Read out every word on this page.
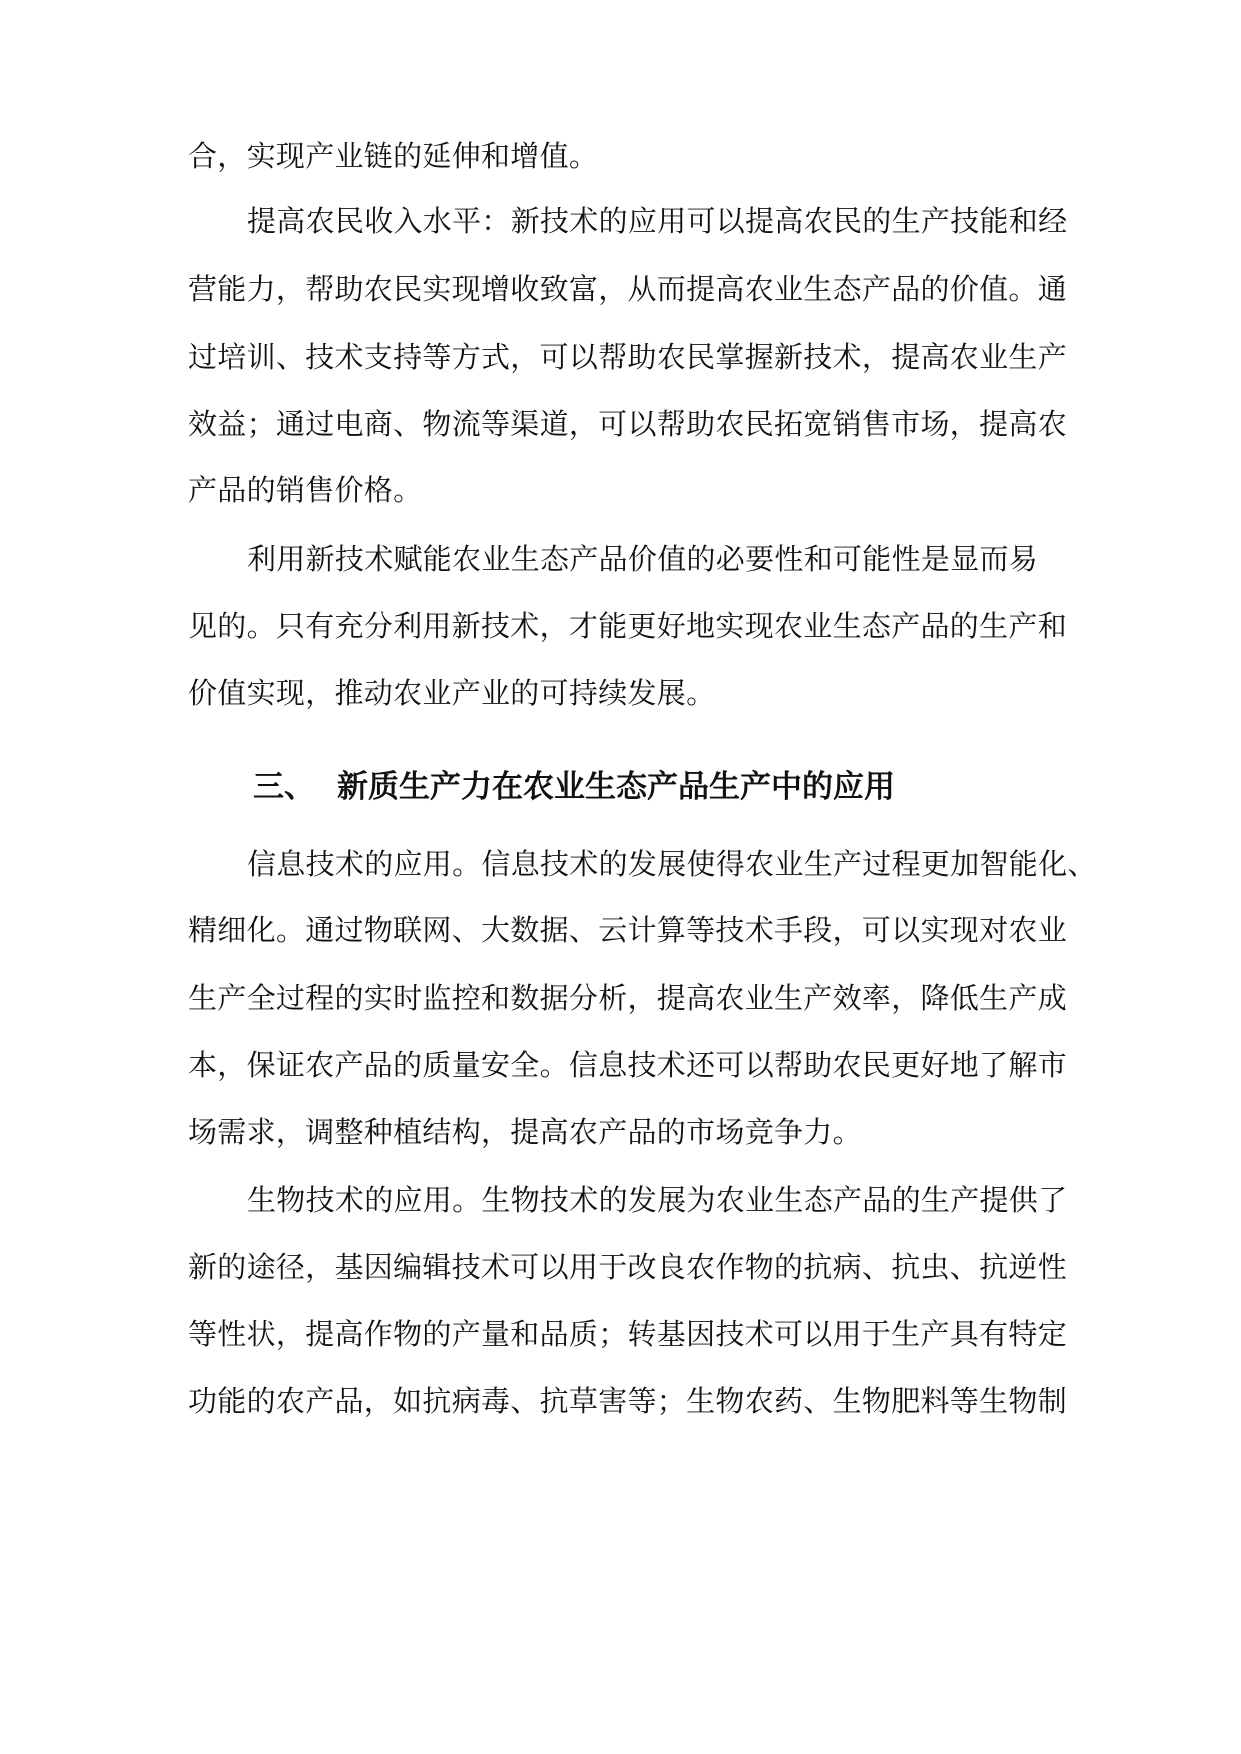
合，实现产业链的延伸和增值。
提高农民收入水平：新技术的应用可以提高农民的生产技能和经
营能力，帮助农民实现增收致富，从而提高农业生态产品的价值。通
过培训、技术支持等方式，可以帮助农民掌握新技术，提高农业生产
效益；通过电商、物流等渠道，可以帮助农民拓宽销售市场，提高农
产品的销售价格。
利用新技术赋能农业生态产品价值的必要性和可能性是显而易
见的。只有充分利用新技术，才能更好地实现农业生态产品的生产和
价值实现，推动农业产业的可持续发展。
三、 新质生产力在农业生态产品生产中的应用
信息技术的应用。信息技术的发展使得农业生产过程更加智能化、
精细化。通过物联网、大数据、云计算等技术手段，可以实现对农业
生产全过程的实时监控和数据分析，提高农业生产效率，降低生产成
本，保证农产品的质量安全。信息技术还可以帮助农民更好地了解市
场需求，调整种植结构，提高农产品的市场竞争力。
生物技术的应用。生物技术的发展为农业生态产品的生产提供了
新的途径，基因编辑技术可以用于改良农作物的抗病、抗虫、抗逆性
等性状，提高作物的产量和品质；转基因技术可以用于生产具有特定
功能的农产品，如抗病毒、抗草害等；生物农药、生物肥料等生物制
